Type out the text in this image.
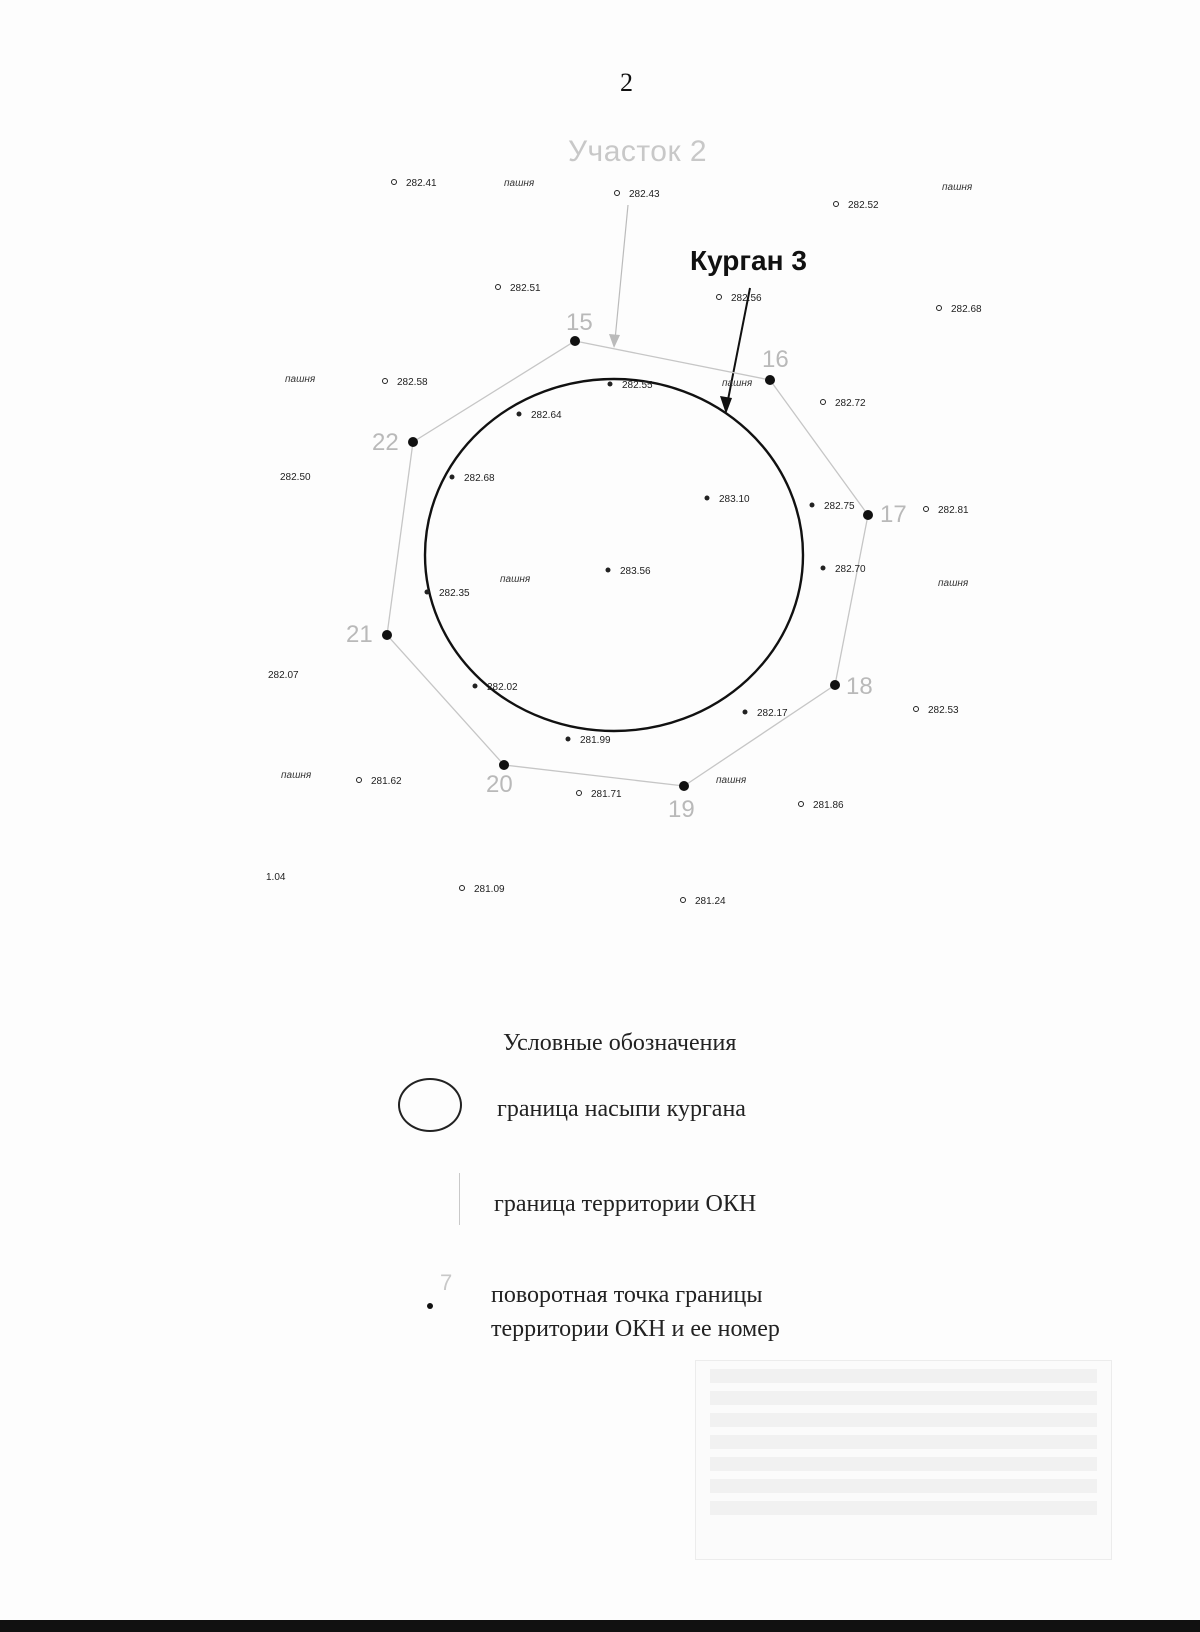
2
Участок 2
Курган 3
15
16
17
18
19
20
21
22
282.55
282.64
282.68
282.35
282.02
281.99
282.17
282.70
282.75
283.10
283.56
282.41
282.43
282.52
282.51
282.56
282.68
282.58
282.72
282.50
282.81
282.07
282.53
281.62
281.71
281.86
1.04
281.09
281.24
пашня	пашня
пашня	пашня
пашня	пашня
пашня	пашня
Условные обозначения
граница насыпи кургана
граница территории ОКН
7 поворотная точка границы
территории ОКН и ее номер
